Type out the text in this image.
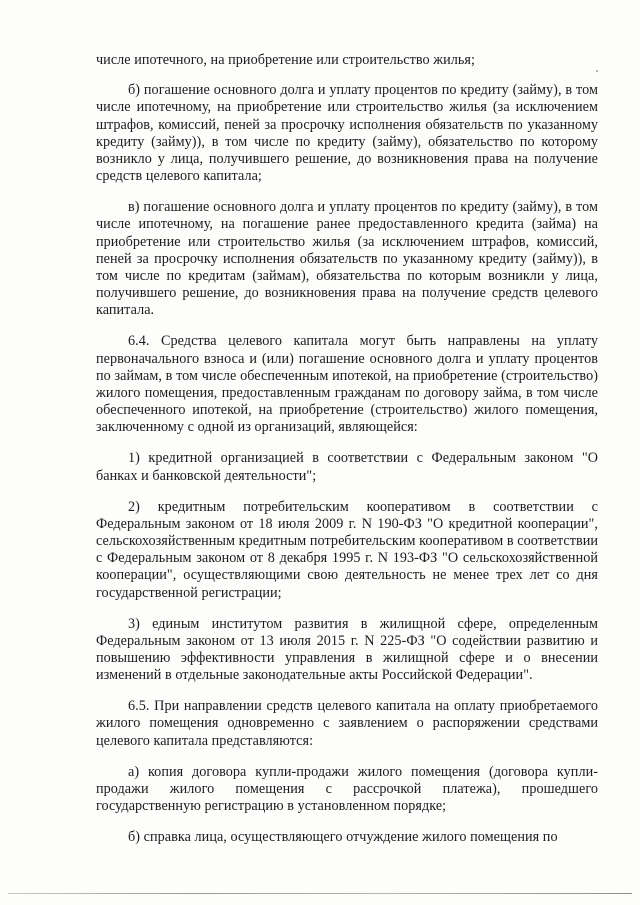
числе ипотечного, на приобретение или строительство жилья;

б) погашение основного долга и уплату процентов по кредиту (займу), в том числе ипотечному, на приобретение или строительство жилья (за исключением штрафов, комиссий, пеней за просрочку исполнения обязательств по указанному кредиту (займу)), в том числе по кредиту (займу), обязательство по которому возникло у лица, получившего решение, до возникновения права на получение средств целевого капитала;

в) погашение основного долга и уплату процентов по кредиту (займу), в том числе ипотечному, на погашение ранее предоставленного кредита (займа) на приобретение или строительство жилья (за исключением штрафов, комиссий, пеней за просрочку исполнения обязательств по указанному кредиту (займу)), в том числе по кредитам (займам), обязательства по которым возникли у лица, получившего решение, до возникновения права на получение средств целевого капитала.

6.4. Средства целевого капитала могут быть направлены на уплату первоначального взноса и (или) погашение основного долга и уплату процентов по займам, в том числе обеспеченным ипотекой, на приобретение (строительство) жилого помещения, предоставленным гражданам по договору займа, в том числе обеспеченного ипотекой, на приобретение (строительство) жилого помещения, заключенному с одной из организаций, являющейся:

1) кредитной организацией в соответствии с Федеральным законом "О банках и банковской деятельности";

2) кредитным потребительским кооперативом в соответствии с Федеральным законом от 18 июля 2009 г. N 190-ФЗ "О кредитной кооперации", сельскохозяйственным кредитным потребительским кооперативом в соответствии с Федеральным законом от 8 декабря 1995 г. N 193-ФЗ "О сельскохозяйственной кооперации", осуществляющими свою деятельность не менее трех лет со дня государственной регистрации;

3) единым институтом развития в жилищной сфере, определенным Федеральным законом от 13 июля 2015 г. N 225-ФЗ "О содействии развитию и повышению эффективности управления в жилищной сфере и о внесении изменений в отдельные законодательные акты Российской Федерации".

6.5. При направлении средств целевого капитала на оплату приобретаемого жилого помещения одновременно с заявлением о распоряжении средствами целевого капитала представляются:

а) копия договора купли-продажи жилого помещения (договора купли-продажи жилого помещения с рассрочкой платежа), прошедшего государственную регистрацию в установленном порядке;

б) справка лица, осуществляющего отчуждение жилого помещения по
